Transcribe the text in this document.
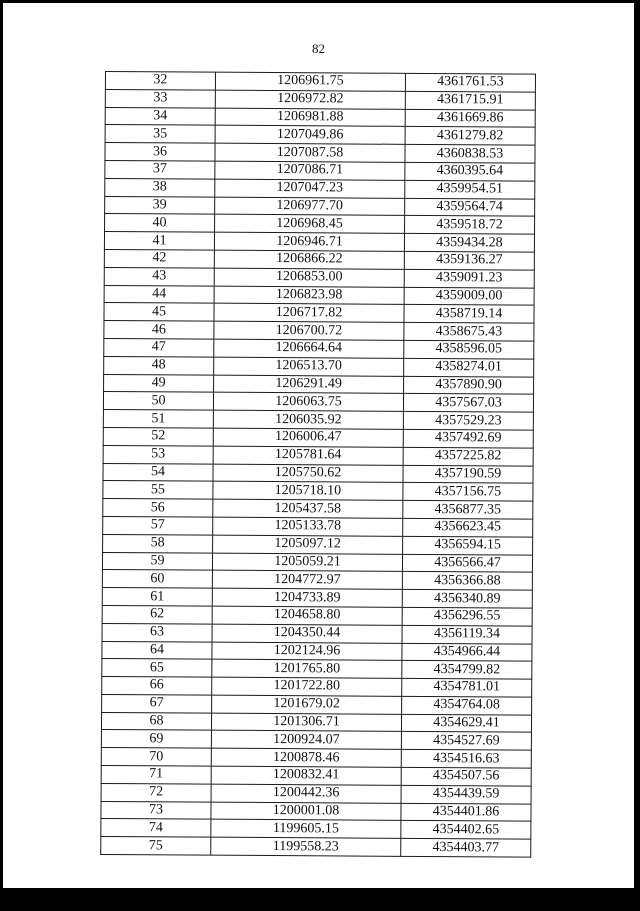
82
32	1206961.75	4361761.53
33	1206972.82	4361715.91
34	1206981.88	4361669.86
35	1207049.86	4361279.82
36	1207087.58	4360838.53
37	1207086.71	4360395.64
38	1207047.23	4359954.51
39	1206977.70	4359564.74
40	1206968.45	4359518.72
41	1206946.71	4359434.28
42	1206866.22	4359136.27
43	1206853.00	4359091.23
44	1206823.98	4359009.00
45	1206717.82	4358719.14
46	1206700.72	4358675.43
47	1206664.64	4358596.05
48	1206513.70	4358274.01
49	1206291.49	4357890.90
50	1206063.75	4357567.03
51	1206035.92	4357529.23
52	1206006.47	4357492.69
53	1205781.64	4357225.82
54	1205750.62	4357190.59
55	1205718.10	4357156.75
56	1205437.58	4356877.35
57	1205133.78	4356623.45
58	1205097.12	4356594.15
59	1205059.21	4356566.47
60	1204772.97	4356366.88
61	1204733.89	4356340.89
62	1204658.80	4356296.55
63	1204350.44	4356119.34
64	1202124.96	4354966.44
65	1201765.80	4354799.82
66	1201722.80	4354781.01
67	1201679.02	4354764.08
68	1201306.71	4354629.41
69	1200924.07	4354527.69
70	1200878.46	4354516.63
71	1200832.41	4354507.56
72	1200442.36	4354439.59
73	1200001.08	4354401.86
74	1199605.15	4354402.65
75	1199558.23	4354403.77
